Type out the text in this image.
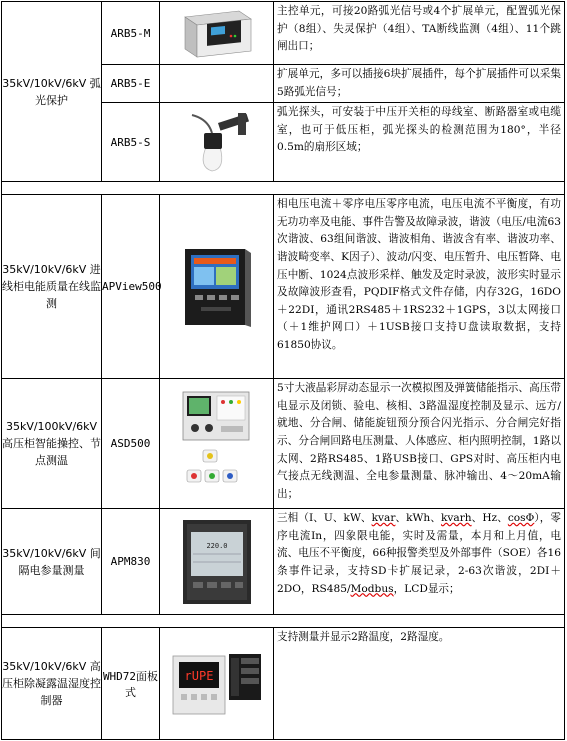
35kV/10kV/6kV 弧光保护	ARB5-M		主控单元，可接20路弧光信号或4个扩展单元，配置弧光保护（8组）、失灵保护（4组）、TA断线监测（4组）、11个跳闸出口；
	ARB5-E		扩展单元，多可以插接6块扩展插件，每个扩展插件可以采集5路弧光信号；
	ARB5-S		弧光探头，可安装于中压开关柜的母线室、断路器室或电缆室，也可于低压柜，弧光探头的检测范围为180°，半径0.5m的扇形区域；

35kV/10kV/6kV 进线柜电能质量在线监测	APView500		相电压电流＋零序电压零序电流，电压电流不平衡度，有功无功功率及电能、事件告警及故障录波，谐波（电压/电流63次谐波、63组间谐波、谐波相角、谐波含有率、谐波功率、谐波畸变率、K因子）、波动/闪变、电压暂升、电压暂降、电压中断、1024点波形采样、触发及定时录波，波形实时显示及故障波形查看，PQDIF格式文件存储，内存32G，16DO＋22DI，通讯2RS485＋1RS232＋1GPS，3以太网接口（＋1维护网口）＋1USB接口支持U盘读取数据，支持61850协议。
35kV/100kV/6kV 高压柜智能操控、节点测温	ASD500		5寸大液晶彩屏动态显示一次模拟图及弹簧储能指示、高压带电显示及闭锁、验电、核相、3路温湿度控制及显示、远方/就地、分合闸、储能旋钮预分预合闪光指示、分合闸完好指示、分合闸回路电压测量、人体感应、柜内照明控制，1路以太网、2路RS485、1路USB接口、GPS对时、高压柜内电气接点无线测温、全电参量测量、脉冲输出、4～20mA输出；
35kV/10kV/6kV 间隔电参量测量	APM830	220.0	三相（I、U、kW、kvar、kWh、kvarh、Hz、cosΦ），零序电流In，四象限电能，实时及需量，本月和上月值，电流、电压不平衡度，66种报警类型及外部事件（SOE）各16条事件记录，支持SD卡扩展记录，2-63次谐波，2DI＋2DO，RS485/Modbus，LCD显示；

35kV/10kV/6kV 高压柜除凝露温湿度控制器	WHD72面板式	rUPE	支持测量并显示2路温度，2路湿度。
